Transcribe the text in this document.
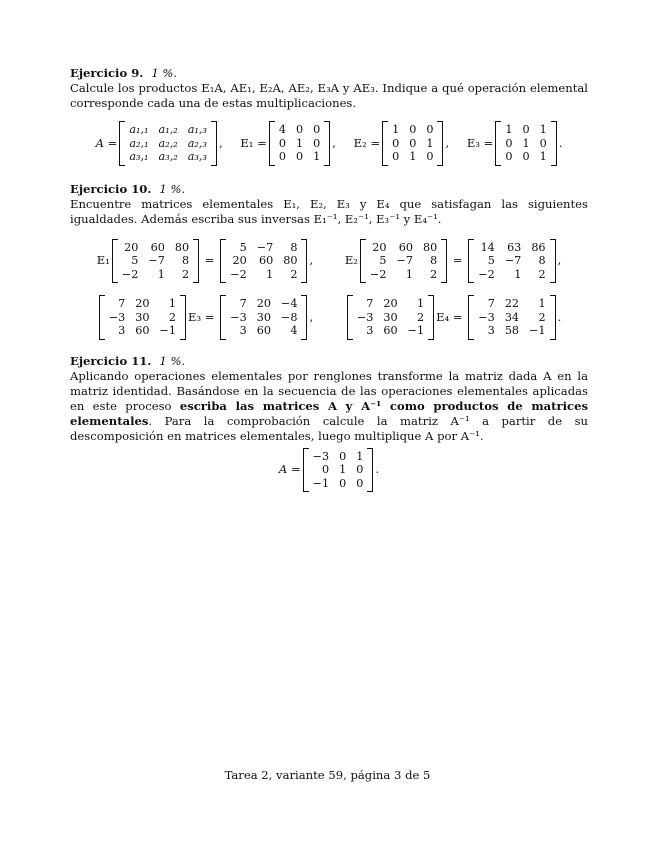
Ejercicio 9. 1 %.

Calcule los productos E₁A, AE₁, E₂A, AE₂, E₃A y AE₃. Indique a qué operación elemental corresponde cada una de estas multiplicaciones.

A =
a₁,₁ a₁,₂ a₁,₃
a₂,₁ a₂,₂ a₂,₃
a₃,₁ a₃,₂ a₃,₃
, E₁ =
4 0 0
0 1 0
0 0 1
, E₂ =
1 0 0
0 0 1
0 1 0
, E₃ =
1 0 1
0 1 0
0 0 1
.
Ejercicio 10. 1 %.

Encuentre matrices elementales E₁, E₂, E₃ y E₄ que satisfagan las siguientes igualdades. Además escriba sus inversas E₁⁻¹, E₂⁻¹, E₃⁻¹ y E₄⁻¹.

E₁
20 60 80
5 −7	8
−2	1	2
=
5 −7	8
20 60 80
−2	1	2
, E₂
20 60 80
5 −7	8
−2	1	2
=
14 63 86
5 −7	8
−2	1	2
,
7 20	1
−3 30	2
3 60 −1
E₃ =
7 20 −4
−3 30 −8
3 60	4
,
7 20	1
−3 30	2
3 60 −1
E₄ =
7 22	1
−3 34	2
3 58 −1
.
Ejercicio 11. 1 %.

Aplicando operaciones elementales por renglones transforme la matriz dada A en la matriz identidad. Basándose en la secuencia de las operaciones elementales aplicadas en este proceso escriba las matrices A y A⁻¹ como productos de matrices elementales. Para la comprobación calcule la matriz A⁻¹ a partir de su descomposición en matrices elementales, luego multiplique A por A⁻¹.

A =
−3 0 1
0 1 0
−1 0 0
.
Tarea 2, variante 59, página 3 de 5
